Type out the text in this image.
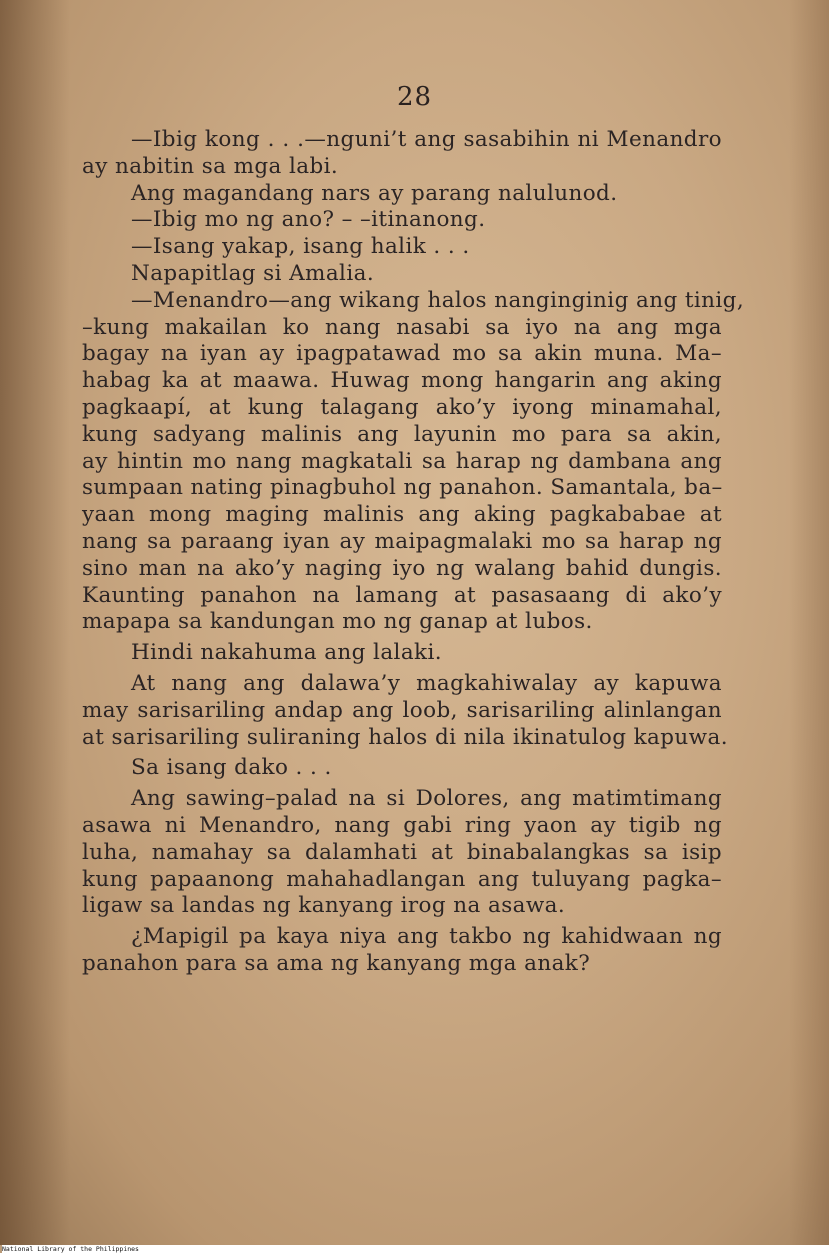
28
—Ibig kong . . .—nguni’t ang sasabihin ni Menandro
ay nabitin sa mga labi.
Ang magandang nars ay parang nalulunod.
—Ibig mo ng ano? – –itinanong.
—Isang yakap, isang halik . . .
Napapitlag si Amalia.
—Menandro—ang wikang halos nanginginig ang tinig,
–kung makailan ko nang nasabi sa iyo na ang mga
bagay na iyan ay ipagpatawad mo sa akin muna. Ma–
habag ka at maawa. Huwag mong hangarin ang aking
pagkaapí, at kung talagang ako’y iyong minamahal,
kung sadyang malinis ang layunin mo para sa akin,
ay hintin mo nang magkatali sa harap ng dambana ang
sumpaan nating pinagbuhol ng panahon. Samantala, ba–
yaan mong maging malinis ang aking pagkababae at
nang sa paraang iyan ay maipagmalaki mo sa harap ng
sino man na ako’y naging iyo ng walang bahid dungis.
Kaunting panahon na lamang at pasasaang di ako’y
mapapa sa kandungan mo ng ganap at lubos.
Hindi nakahuma ang lalaki.
At nang ang dalawa’y magkahiwalay ay kapuwa
may sarisariling andap ang loob, sarisariling alinlangan
at sarisariling suliraning halos di nila ikinatulog kapuwa.
Sa isang dako . . .
Ang sawing–palad na si Dolores, ang matimtimang
asawa ni Menandro, nang gabi ring yaon ay tigib ng
luha, namahay sa dalamhati at binabalangkas sa isip
kung papaanong mahahadlangan ang tuluyang pagka–
ligaw sa landas ng kanyang irog na asawa.
¿Mapigil pa kaya niya ang takbo ng kahidwaan ng
panahon para sa ama ng kanyang mga anak?
National Library of the Philippines
